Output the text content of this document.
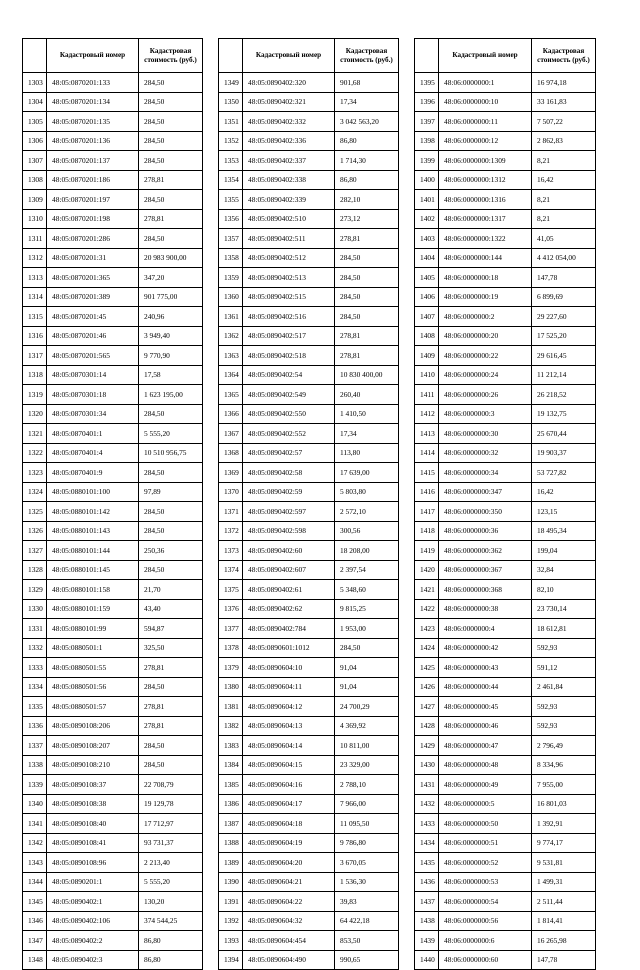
	Кадастровый номер	Кадастровая стоимость (руб.)
1303	48:05:0870201:133	284,50
1304	48:05:0870201:134	284,50
1305	48:05:0870201:135	284,50
1306	48:05:0870201:136	284,50
1307	48:05:0870201:137	284,50
1308	48:05:0870201:186	278,81
1309	48:05:0870201:197	284,50
1310	48:05:0870201:198	278,81
1311	48:05:0870201:286	284,50
1312	48:05:0870201:31	20 983 900,00
1313	48:05:0870201:365	347,20
1314	48:05:0870201:389	901 775,00
1315	48:05:0870201:45	240,96
1316	48:05:0870201:46	3 949,40
1317	48:05:0870201:565	9 770,90
1318	48:05:0870301:14	17,58
1319	48:05:0870301:18	1 623 195,00
1320	48:05:0870301:34	284,50
1321	48:05:0870401:1	5 555,20
1322	48:05:0870401:4	10 510 956,75
1323	48:05:0870401:9	284,50
1324	48:05:0880101:100	97,89
1325	48:05:0880101:142	284,50
1326	48:05:0880101:143	284,50
1327	48:05:0880101:144	250,36
1328	48:05:0880101:145	284,50
1329	48:05:0880101:158	21,70
1330	48:05:0880101:159	43,40
1331	48:05:0880101:99	594,87
1332	48:05:0880501:1	325,50
1333	48:05:0880501:55	278,81
1334	48:05:0880501:56	284,50
1335	48:05:0880501:57	278,81
1336	48:05:0890108:206	278,81
1337	48:05:0890108:207	284,50
1338	48:05:0890108:210	284,50
1339	48:05:0890108:37	22 708,79
1340	48:05:0890108:38	19 129,78
1341	48:05:0890108:40	17 712,97
1342	48:05:0890108:41	93 731,37
1343	48:05:0890108:96	2 213,40
1344	48:05:0890201:1	5 555,20
1345	48:05:0890402:1	130,20
1346	48:05:0890402:106	374 544,25
1347	48:05:0890402:2	86,80
1348	48:05:0890402:3	86,80
	Кадастровый номер	Кадастровая стоимость (руб.)
1349	48:05:0890402:320	901,68
1350	48:05:0890402:321	17,34
1351	48:05:0890402:332	3 042 563,20
1352	48:05:0890402:336	86,80
1353	48:05:0890402:337	1 714,30
1354	48:05:0890402:338	86,80
1355	48:05:0890402:339	282,10
1356	48:05:0890402:510	273,12
1357	48:05:0890402:511	278,81
1358	48:05:0890402:512	284,50
1359	48:05:0890402:513	284,50
1360	48:05:0890402:515	284,50
1361	48:05:0890402:516	284,50
1362	48:05:0890402:517	278,81
1363	48:05:0890402:518	278,81
1364	48:05:0890402:54	10 830 400,00
1365	48:05:0890402:549	260,40
1366	48:05:0890402:550	1 410,50
1367	48:05:0890402:552	17,34
1368	48:05:0890402:57	113,80
1369	48:05:0890402:58	17 639,00
1370	48:05:0890402:59	5 803,80
1371	48:05:0890402:597	2 572,10
1372	48:05:0890402:598	300,56
1373	48:05:0890402:60	18 208,00
1374	48:05:0890402:607	2 397,54
1375	48:05:0890402:61	5 348,60
1376	48:05:0890402:62	9 815,25
1377	48:05:0890402:784	1 953,00
1378	48:05:0890601:1012	284,50
1379	48:05:0890604:10	91,04
1380	48:05:0890604:11	91,04
1381	48:05:0890604:12	24 700,29
1382	48:05:0890604:13	4 369,92
1383	48:05:0890604:14	10 811,00
1384	48:05:0890604:15	23 329,00
1385	48:05:0890604:16	2 788,10
1386	48:05:0890604:17	7 966,00
1387	48:05:0890604:18	11 095,50
1388	48:05:0890604:19	9 786,80
1389	48:05:0890604:20	3 670,05
1390	48:05:0890604:21	1 536,30
1391	48:05:0890604:22	39,83
1392	48:05:0890604:32	64 422,18
1393	48:05:0890604:454	853,50
1394	48:05:0890604:490	990,65
	Кадастровый номер	Кадастровая стоимость (руб.)
1395	48:06:0000000:1	16 974,18
1396	48:06:0000000:10	33 161,83
1397	48:06:0000000:11	7 507,22
1398	48:06:0000000:12	2 862,83
1399	48:06:0000000:1309	8,21
1400	48:06:0000000:1312	16,42
1401	48:06:0000000:1316	8,21
1402	48:06:0000000:1317	8,21
1403	48:06:0000000:1322	41,05
1404	48:06:0000000:144	4 412 054,00
1405	48:06:0000000:18	147,78
1406	48:06:0000000:19	6 899,69
1407	48:06:0000000:2	29 227,60
1408	48:06:0000000:20	17 525,20
1409	48:06:0000000:22	29 616,45
1410	48:06:0000000:24	11 212,14
1411	48:06:0000000:26	26 218,52
1412	48:06:0000000:3	19 132,75
1413	48:06:0000000:30	25 670,44
1414	48:06:0000000:32	19 903,37
1415	48:06:0000000:34	53 727,82
1416	48:06:0000000:347	16,42
1417	48:06:0000000:350	123,15
1418	48:06:0000000:36	18 495,34
1419	48:06:0000000:362	199,04
1420	48:06:0000000:367	32,84
1421	48:06:0000000:368	82,10
1422	48:06:0000000:38	23 730,14
1423	48:06:0000000:4	18 612,81
1424	48:06:0000000:42	592,93
1425	48:06:0000000:43	591,12
1426	48:06:0000000:44	2 461,84
1427	48:06:0000000:45	592,93
1428	48:06:0000000:46	592,93
1429	48:06:0000000:47	2 796,49
1430	48:06:0000000:48	8 334,96
1431	48:06:0000000:49	7 955,00
1432	48:06:0000000:5	16 801,03
1433	48:06:0000000:50	1 392,91
1434	48:06:0000000:51	9 774,17
1435	48:06:0000000:52	9 531,81
1436	48:06:0000000:53	1 499,31
1437	48:06:0000000:54	2 511,44
1438	48:06:0000000:56	1 814,41
1439	48:06:0000000:6	16 265,98
1440	48:06:0000000:60	147,78
